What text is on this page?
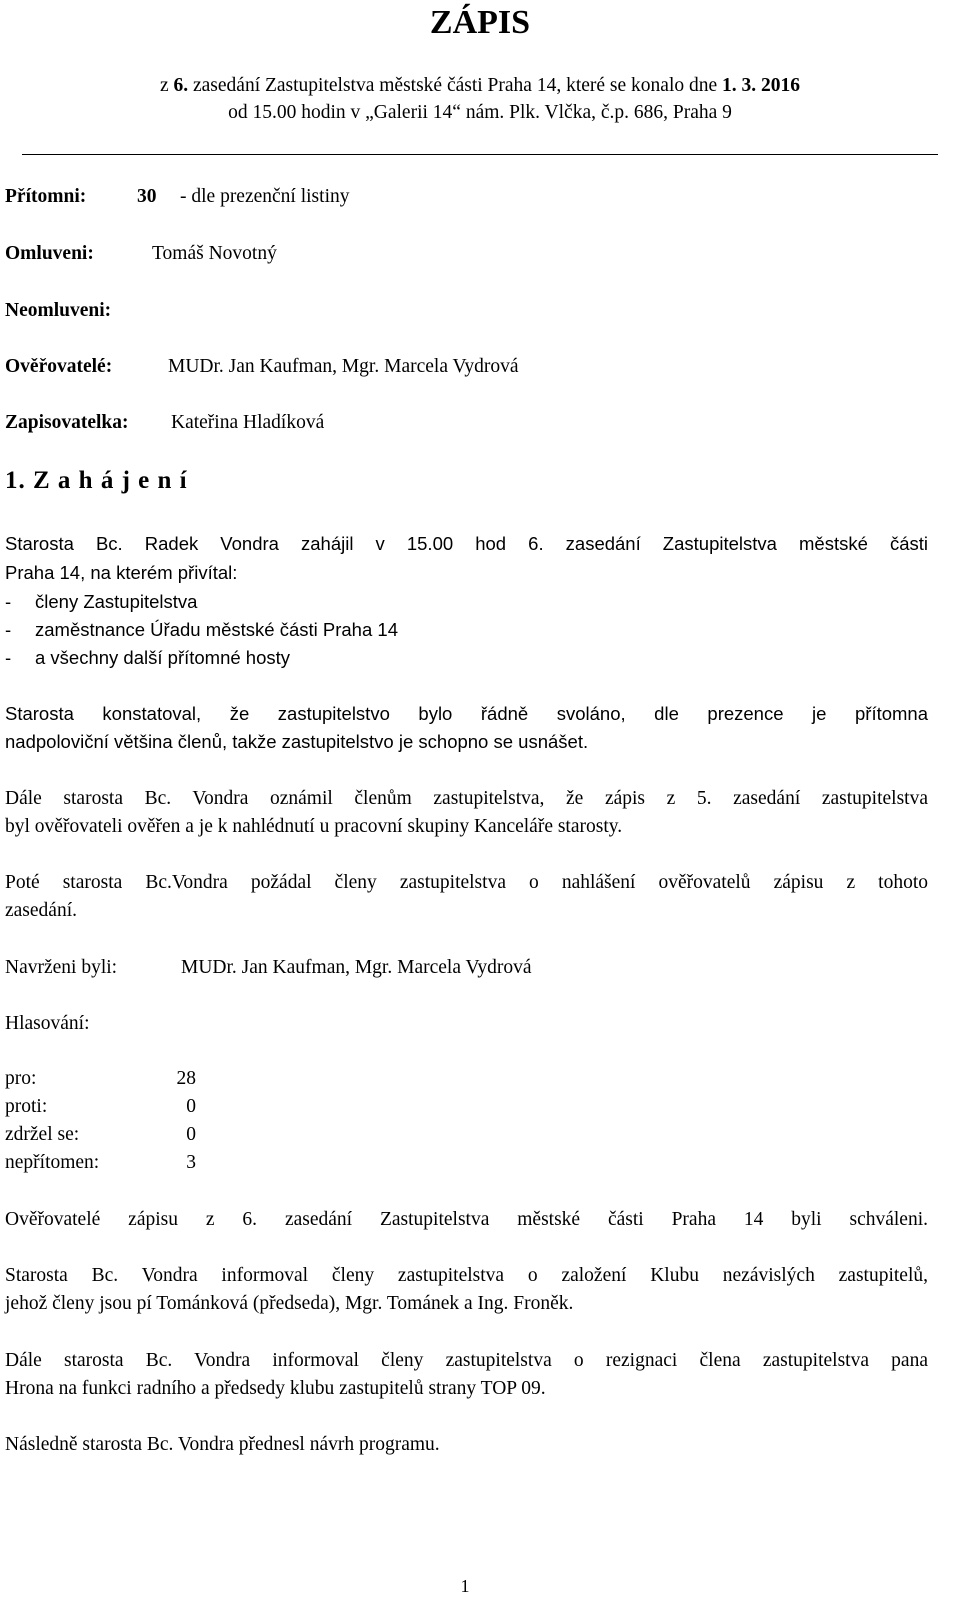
ZÁPIS
z 6. zasedání Zastupitelstva městské části Praha 14, které se konalo dne 1. 3. 2016
od 15.00 hodin v „Galerii 14“ nám. Plk. Vlčka, č.p. 686, Praha 9
Přítomni:	30 - dle prezenční listiny
Omluveni:	Tomáš Novotný
Neomluveni:
Ověřovatelé:	MUDr. Jan Kaufman, Mgr. Marcela Vydrová
Zapisovatelka: Kateřina Hladíková
1. Z a h á j e n í
Starosta Bc. Radek Vondra zahájil v 15.00 hod 6. zasedání Zastupitelstva městské části
Praha 14, na kterém přivítal:
- členy Zastupitelstva
- zaměstnance Úřadu městské části Praha 14
- a všechny další přítomné hosty
Starosta konstatoval, že zastupitelstvo bylo řádně svoláno, dle prezence je přítomna
nadpoloviční většina členů, takže zastupitelstvo je schopno se usnášet.
Dále starosta Bc. Vondra oznámil členům zastupitelstva, že zápis z 5. zasedání zastupitelstva
byl ověřovateli ověřen a je k nahlédnutí u pracovní skupiny Kanceláře starosty.
Poté starosta Bc.Vondra požádal členy zastupitelstva o nahlášení ověřovatelů zápisu z tohoto
zasedání.
Navrženi byli:	MUDr. Jan Kaufman, Mgr. Marcela Vydrová
Hlasování:
pro:	28
proti:	0
zdržel se:	0
nepřítomen:	3
Ověřovatelé zápisu z 6. zasedání Zastupitelstva městské části Praha 14 byli schváleni.
Starosta Bc. Vondra informoval členy zastupitelstva o založení Klubu nezávislých zastupitelů,
jehož členy jsou pí Tománková (předseda), Mgr. Tománek a Ing. Froněk.
Dále starosta Bc. Vondra informoval členy zastupitelstva o rezignaci člena zastupitelstva pana
Hrona na funkci radního a předsedy klubu zastupitelů strany TOP 09.
Následně starosta Bc. Vondra přednesl návrh programu.
1
